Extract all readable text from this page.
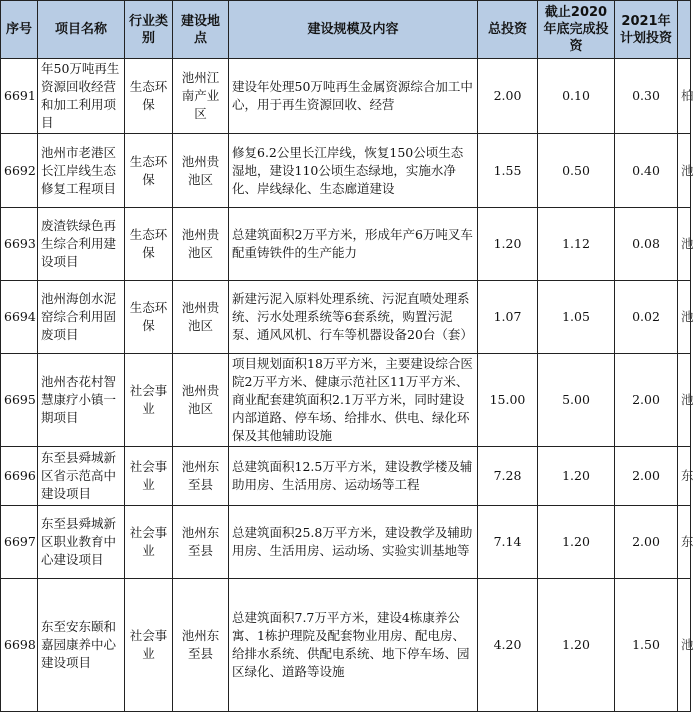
序号	项目名称	行业类别	建设地点	建设规模及内容	总投资	截止2020年底完成投资	2021年计划投资	
6691	年50万吨再生资源回收经营和加工利用项目	生态环保	池州江南产业区	建设年处理50万吨再生金属资源综合加工中心，用于再生资源回收、经营	2.00	0.10	0.30	柏
6692	池州市老港区长江岸线生态修复工程项目	生态环保	池州贵池区	修复6.2公里长江岸线，恢复150公顷生态湿地，建设110公顷生态绿地，实施水净化、岸线绿化、生态廊道建设	1.55	0.50	0.40	池
6693	废渣铁绿色再生综合利用建设项目	生态环保	池州贵池区	总建筑面积2万平方米，形成年产6万吨叉车配重铸铁件的生产能力	1.20	1.12	0.08	池
6694	池州海创水泥窑综合利用固废项目	生态环保	池州贵池区	新建污泥入原料处理系统、污泥直喷处理系统、污水处理系统等6套系统，购置污泥泵、通风风机、行车等机器设备20台（套）	1.07	1.05	0.02	池
6695	池州杏花村智慧康疗小镇一期项目	社会事业	池州贵池区	项目规划面积18万平方米，主要建设综合医院2万平方米、健康示范社区11万平方米、商业配套建筑面积2.1万平方米，同时建设内部道路、停车场、给排水、供电、绿化环保及其他辅助设施	15.00	5.00	2.00	池
6696	东至县舜城新区省示范高中建设项目	社会事业	池州东至县	总建筑面积12.5万平方米，建设教学楼及辅助用房、生活用房、运动场等工程	7.28	1.20	2.00	东
6697	东至县舜城新区职业教育中心建设项目	社会事业	池州东至县	总建筑面积25.8万平方米，建设教学及辅助用房、生活用房、运动场、实验实训基地等	7.14	1.20	2.00	东
6698	东至安东颐和嘉园康养中心建设项目	社会事业	池州东至县	总建筑面积7.7万平方米，建设4栋康养公寓、1栋护理院及配套物业用房、配电房、给排水系统、供配电系统、地下停车场、园区绿化、道路等设施	4.20	1.20	1.50	池
